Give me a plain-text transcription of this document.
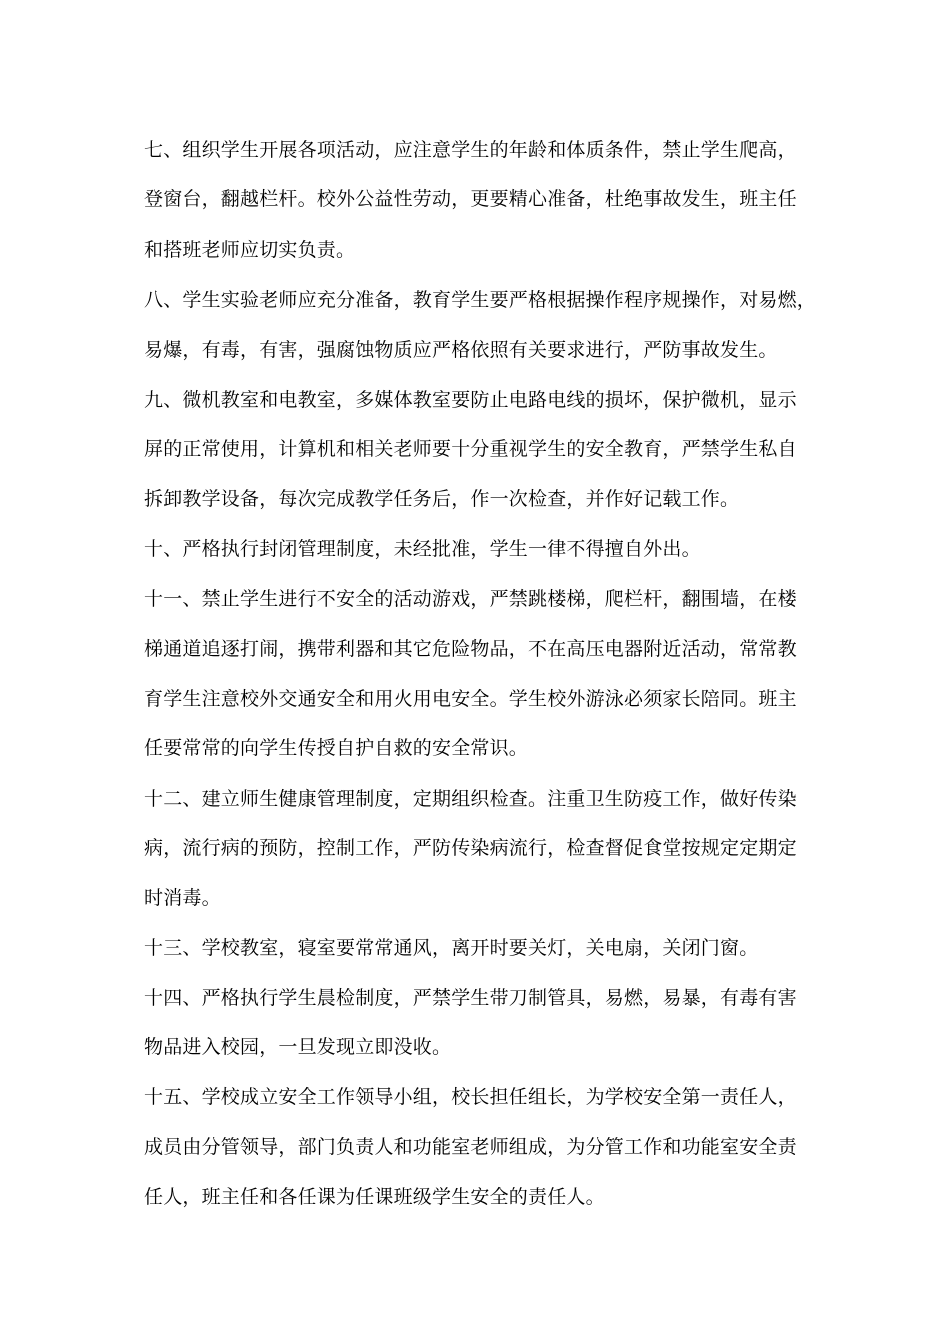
七、组织学生开展各项活动，应注意学生的年龄和体质条件，禁止学生爬高，
登窗台，翻越栏杆。校外公益性劳动，更要精心准备，杜绝事故发生，班主任
和搭班老师应切实负责。
八、学生实验老师应充分准备，教育学生要严格根据操作程序规操作，对易燃，
易爆，有毒，有害，强腐蚀物质应严格依照有关要求进行，严防事故发生。
九、微机教室和电教室，多媒体教室要防止电路电线的损坏，保护微机，显示
屏的正常使用，计算机和相关老师要十分重视学生的安全教育，严禁学生私自
拆卸教学设备，每次完成教学任务后，作一次检查，并作好记载工作。
十、严格执行封闭管理制度，未经批准，学生一律不得擅自外出。
十一、禁止学生进行不安全的活动游戏，严禁跳楼梯，爬栏杆，翻围墙，在楼
梯通道追逐打闹，携带利器和其它危险物品，不在高压电器附近活动，常常教
育学生注意校外交通安全和用火用电安全。学生校外游泳必须家长陪同。班主
任要常常的向学生传授自护自救的安全常识。
十二、建立师生健康管理制度，定期组织检查。注重卫生防疫工作，做好传染
病，流行病的预防，控制工作，严防传染病流行，检查督促食堂按规定定期定
时消毒。
十三、学校教室，寝室要常常通风，离开时要关灯，关电扇，关闭门窗。
十四、严格执行学生晨检制度，严禁学生带刀制管具，易燃，易暴，有毒有害
物品进入校园，一旦发现立即没收。
十五、学校成立安全工作领导小组，校长担任组长，为学校安全第一责任人，
成员由分管领导，部门负责人和功能室老师组成，为分管工作和功能室安全责
任人，班主任和各任课为任课班级学生安全的责任人。
